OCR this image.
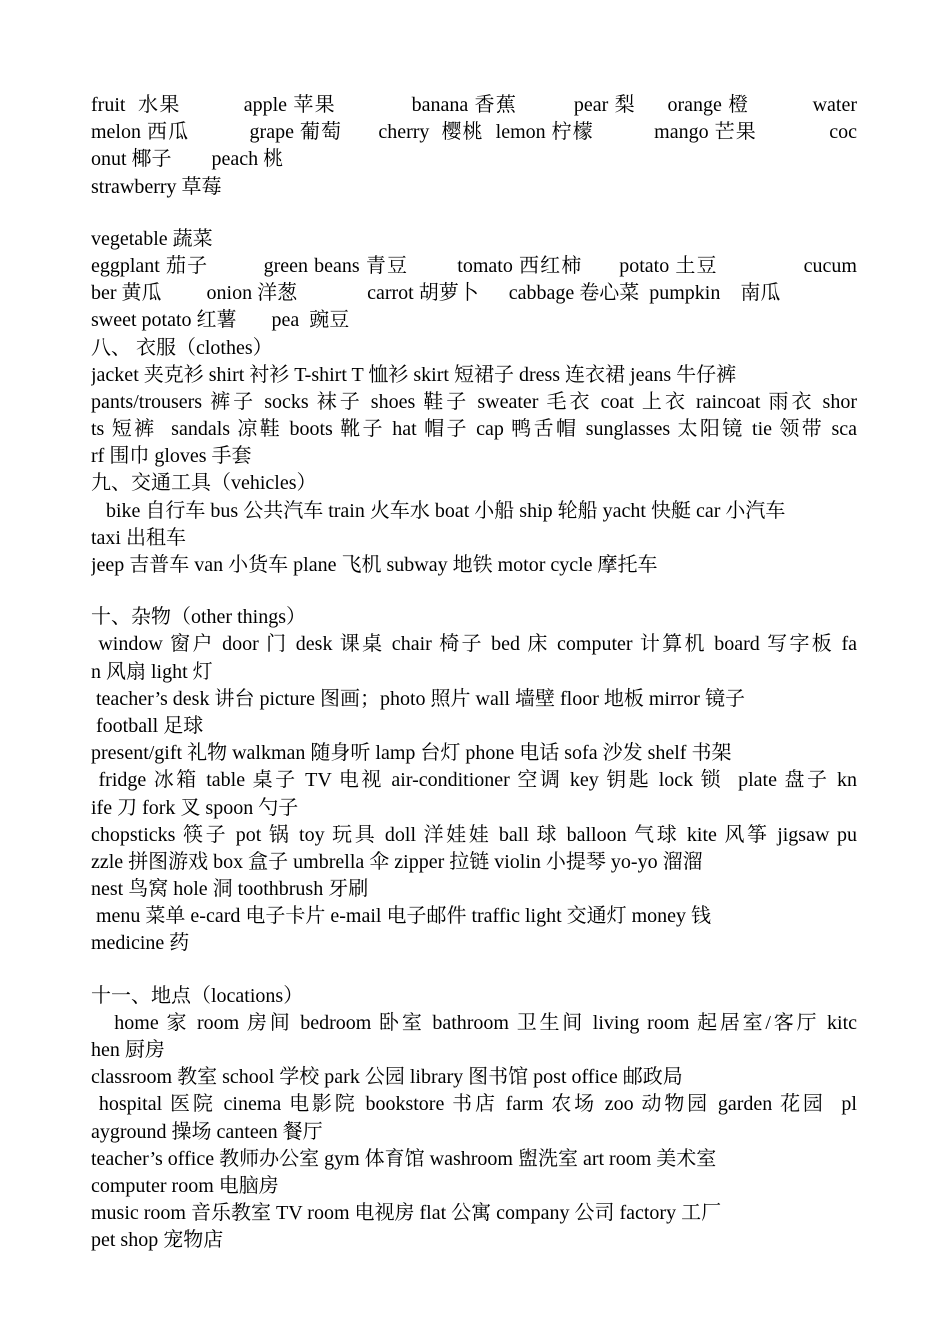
fruit  水果          apple 苹果            banana 香蕉         pear 梨     orange 橙          water
melon 西瓜          grape 葡萄      cherry  樱桃  lemon 柠檬          mango 芒果            coc
onut 椰子        peach 桃
strawberry 草莓
vegetable 蔬菜
eggplant 茄子         green beans 青豆        tomato 西红柿      potato 土豆              cucum
ber 黄瓜         onion 洋葱              carrot 胡萝卜      cabbage 卷心菜  pumpkin    南瓜
sweet potato 红薯       pea  豌豆
八、 衣服（clothes）
jacket 夹克衫 shirt 衬衫 T-shirt T 恤衫 skirt 短裙子 dress 连衣裙 jeans 牛仔裤
pants/trousers 裤子 socks 袜子 shoes 鞋子 sweater 毛衣 coat 上衣 raincoat 雨衣 shor
ts 短裤  sandals 凉鞋 boots 靴子 hat 帽子 cap 鸭舌帽 sunglasses 太阳镜 tie 领带 sca
rf 围巾 gloves 手套
九、交通工具（vehicles）
bike 自行车 bus 公共汽车 train 火车水 boat 小船 ship 轮船 yacht 快艇 car 小汽车
taxi 出租车
jeep 吉普车 van 小货车 plane 飞机 subway 地铁 motor cycle 摩托车
十、杂物（other things）
window 窗户 door 门 desk 课桌 chair 椅子 bed 床 computer 计算机 board 写字板 fa
n 风扇 light 灯
teacher’s desk 讲台 picture 图画；photo 照片 wall 墙壁 floor 地板 mirror 镜子
football 足球
present/gift 礼物 walkman 随身听 lamp 台灯 phone 电话 sofa 沙发 shelf 书架
fridge 冰箱 table 桌子 TV 电视 air-conditioner 空调 key 钥匙 lock 锁  plate 盘子 kn
ife 刀 fork 叉 spoon 勺子
chopsticks 筷子 pot 锅 toy 玩具 doll 洋娃娃 ball 球 balloon 气球 kite 风筝 jigsaw pu
zzle 拼图游戏 box 盒子 umbrella 伞 zipper 拉链 violin 小提琴 yo-yo 溜溜
nest 鸟窝 hole 洞 toothbrush 牙刷
menu 菜单 e-card 电子卡片 e-mail 电子邮件 traffic light 交通灯 money 钱
medicine 药
十一、地点（locations）
home 家 room 房间 bedroom 卧室 bathroom 卫生间 living room 起居室/客厅 kitc
hen 厨房
classroom 教室 school 学校 park 公园 library 图书馆 post office 邮政局
hospital 医院 cinema 电影院 bookstore 书店 farm 农场 zoo 动物园 garden 花园  pl
ayground 操场 canteen 餐厅
teacher’s office 教师办公室 gym 体育馆 washroom 盥洗室 art room 美术室
computer room 电脑房
music room 音乐教室 TV room 电视房 flat 公寓 company 公司 factory 工厂
pet shop 宠物店
